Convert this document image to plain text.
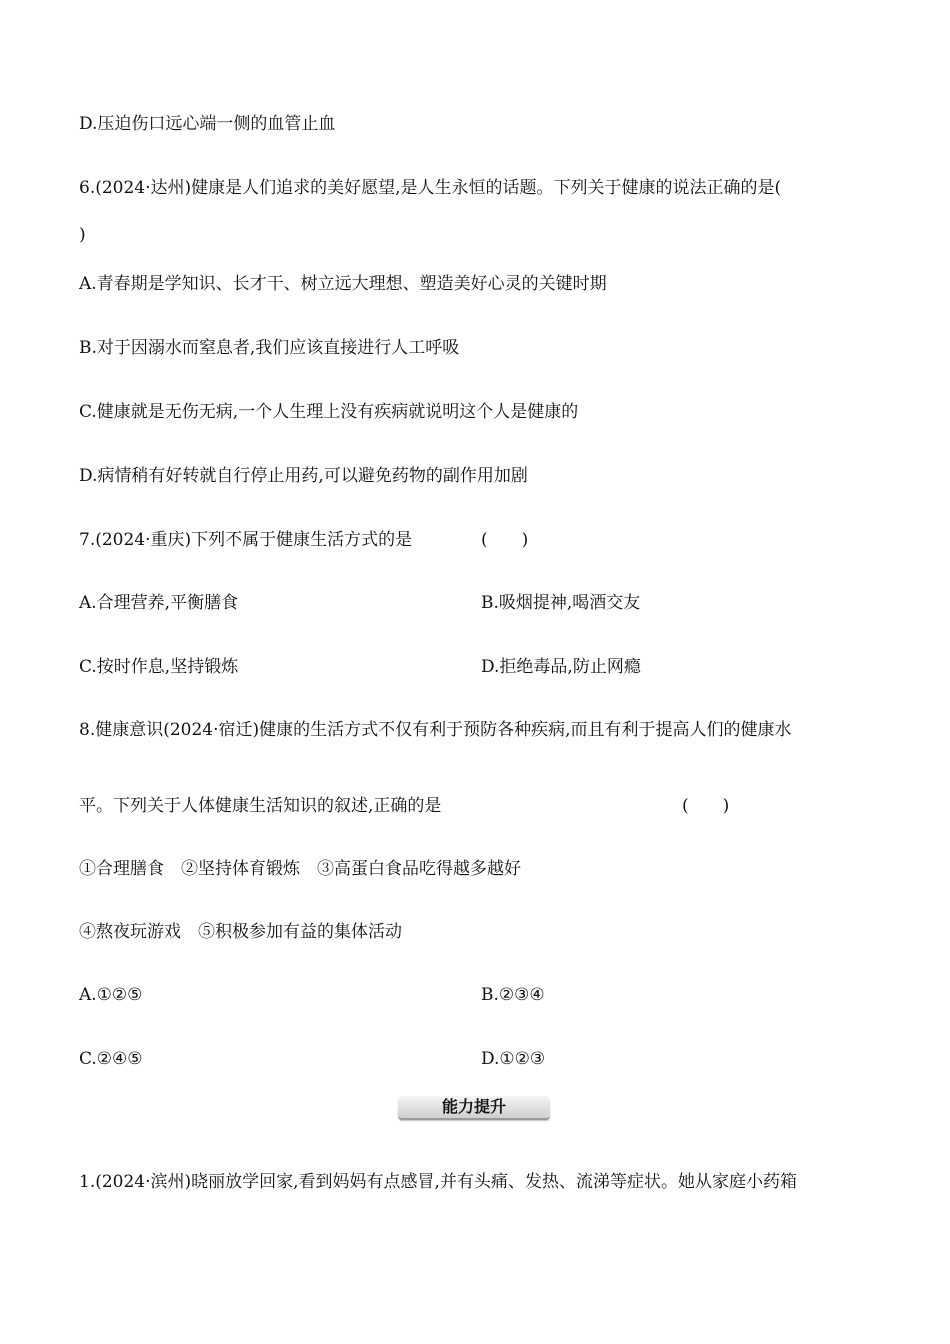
D.压迫伤口远心端一侧的血管止血
6.(2024·达州)健康是人们追求的美好愿望,是人生永恒的话题。下列关于健康的说法正确的是(
)
A.青春期是学知识、长才干、树立远大理想、塑造美好心灵的关键时期
B.对于因溺水而窒息者,我们应该直接进行人工呼吸
C.健康就是无伤无病,一个人生理上没有疾病就说明这个人是健康的
D.病情稍有好转就自行停止用药,可以避免药物的副作用加剧
7.(2024·重庆)下列不属于健康生活方式的是	(　　)
A.合理营养,平衡膳食	B.吸烟提神,喝酒交友
C.按时作息,坚持锻炼	D.拒绝毒品,防止网瘾
8.健康意识(2024·宿迁)健康的生活方式不仅有利于预防各种疾病,而且有利于提高人们的健康水
平。下列关于人体健康生活知识的叙述,正确的是	(　　)
①合理膳食　②坚持体育锻炼　③高蛋白食品吃得越多越好
④熬夜玩游戏　⑤积极参加有益的集体活动
A.①②⑤	B.②③④
C.②④⑤	D.①②③
能力提升
1.(2024·滨州)晓丽放学回家,看到妈妈有点感冒,并有头痛、发热、流涕等症状。她从家庭小药箱
